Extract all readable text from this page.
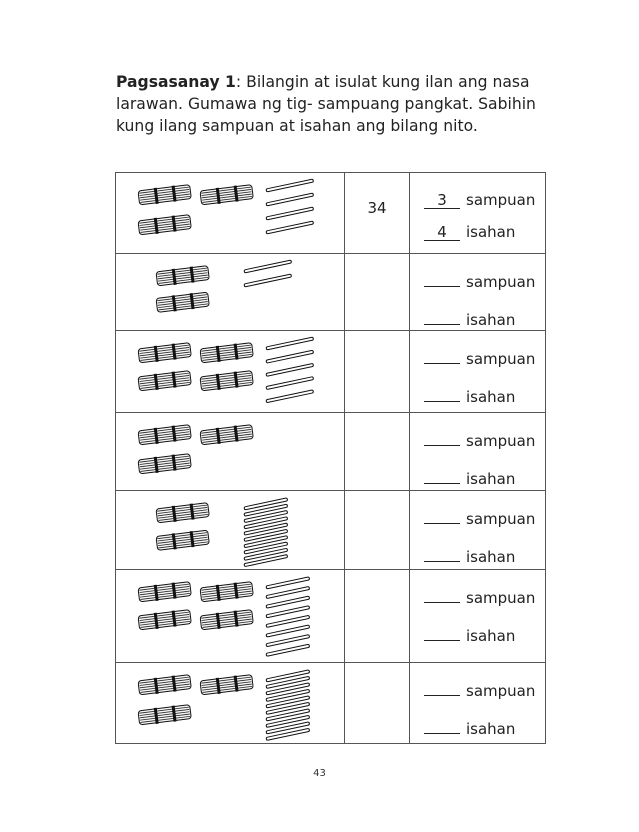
Pagsasanay 1: Bilangin at isulat kung ilan ang nasa larawan. Gumawa ng tig- sampuang pangkat. Sabihin kung ilang sampuan at isahan ang bilang nito.

34	3 sampuan
4 isahan

sampuan
isahan

sampuan
isahan

sampuan
isahan

sampuan
isahan

sampuan
isahan

sampuan
isahan
43
